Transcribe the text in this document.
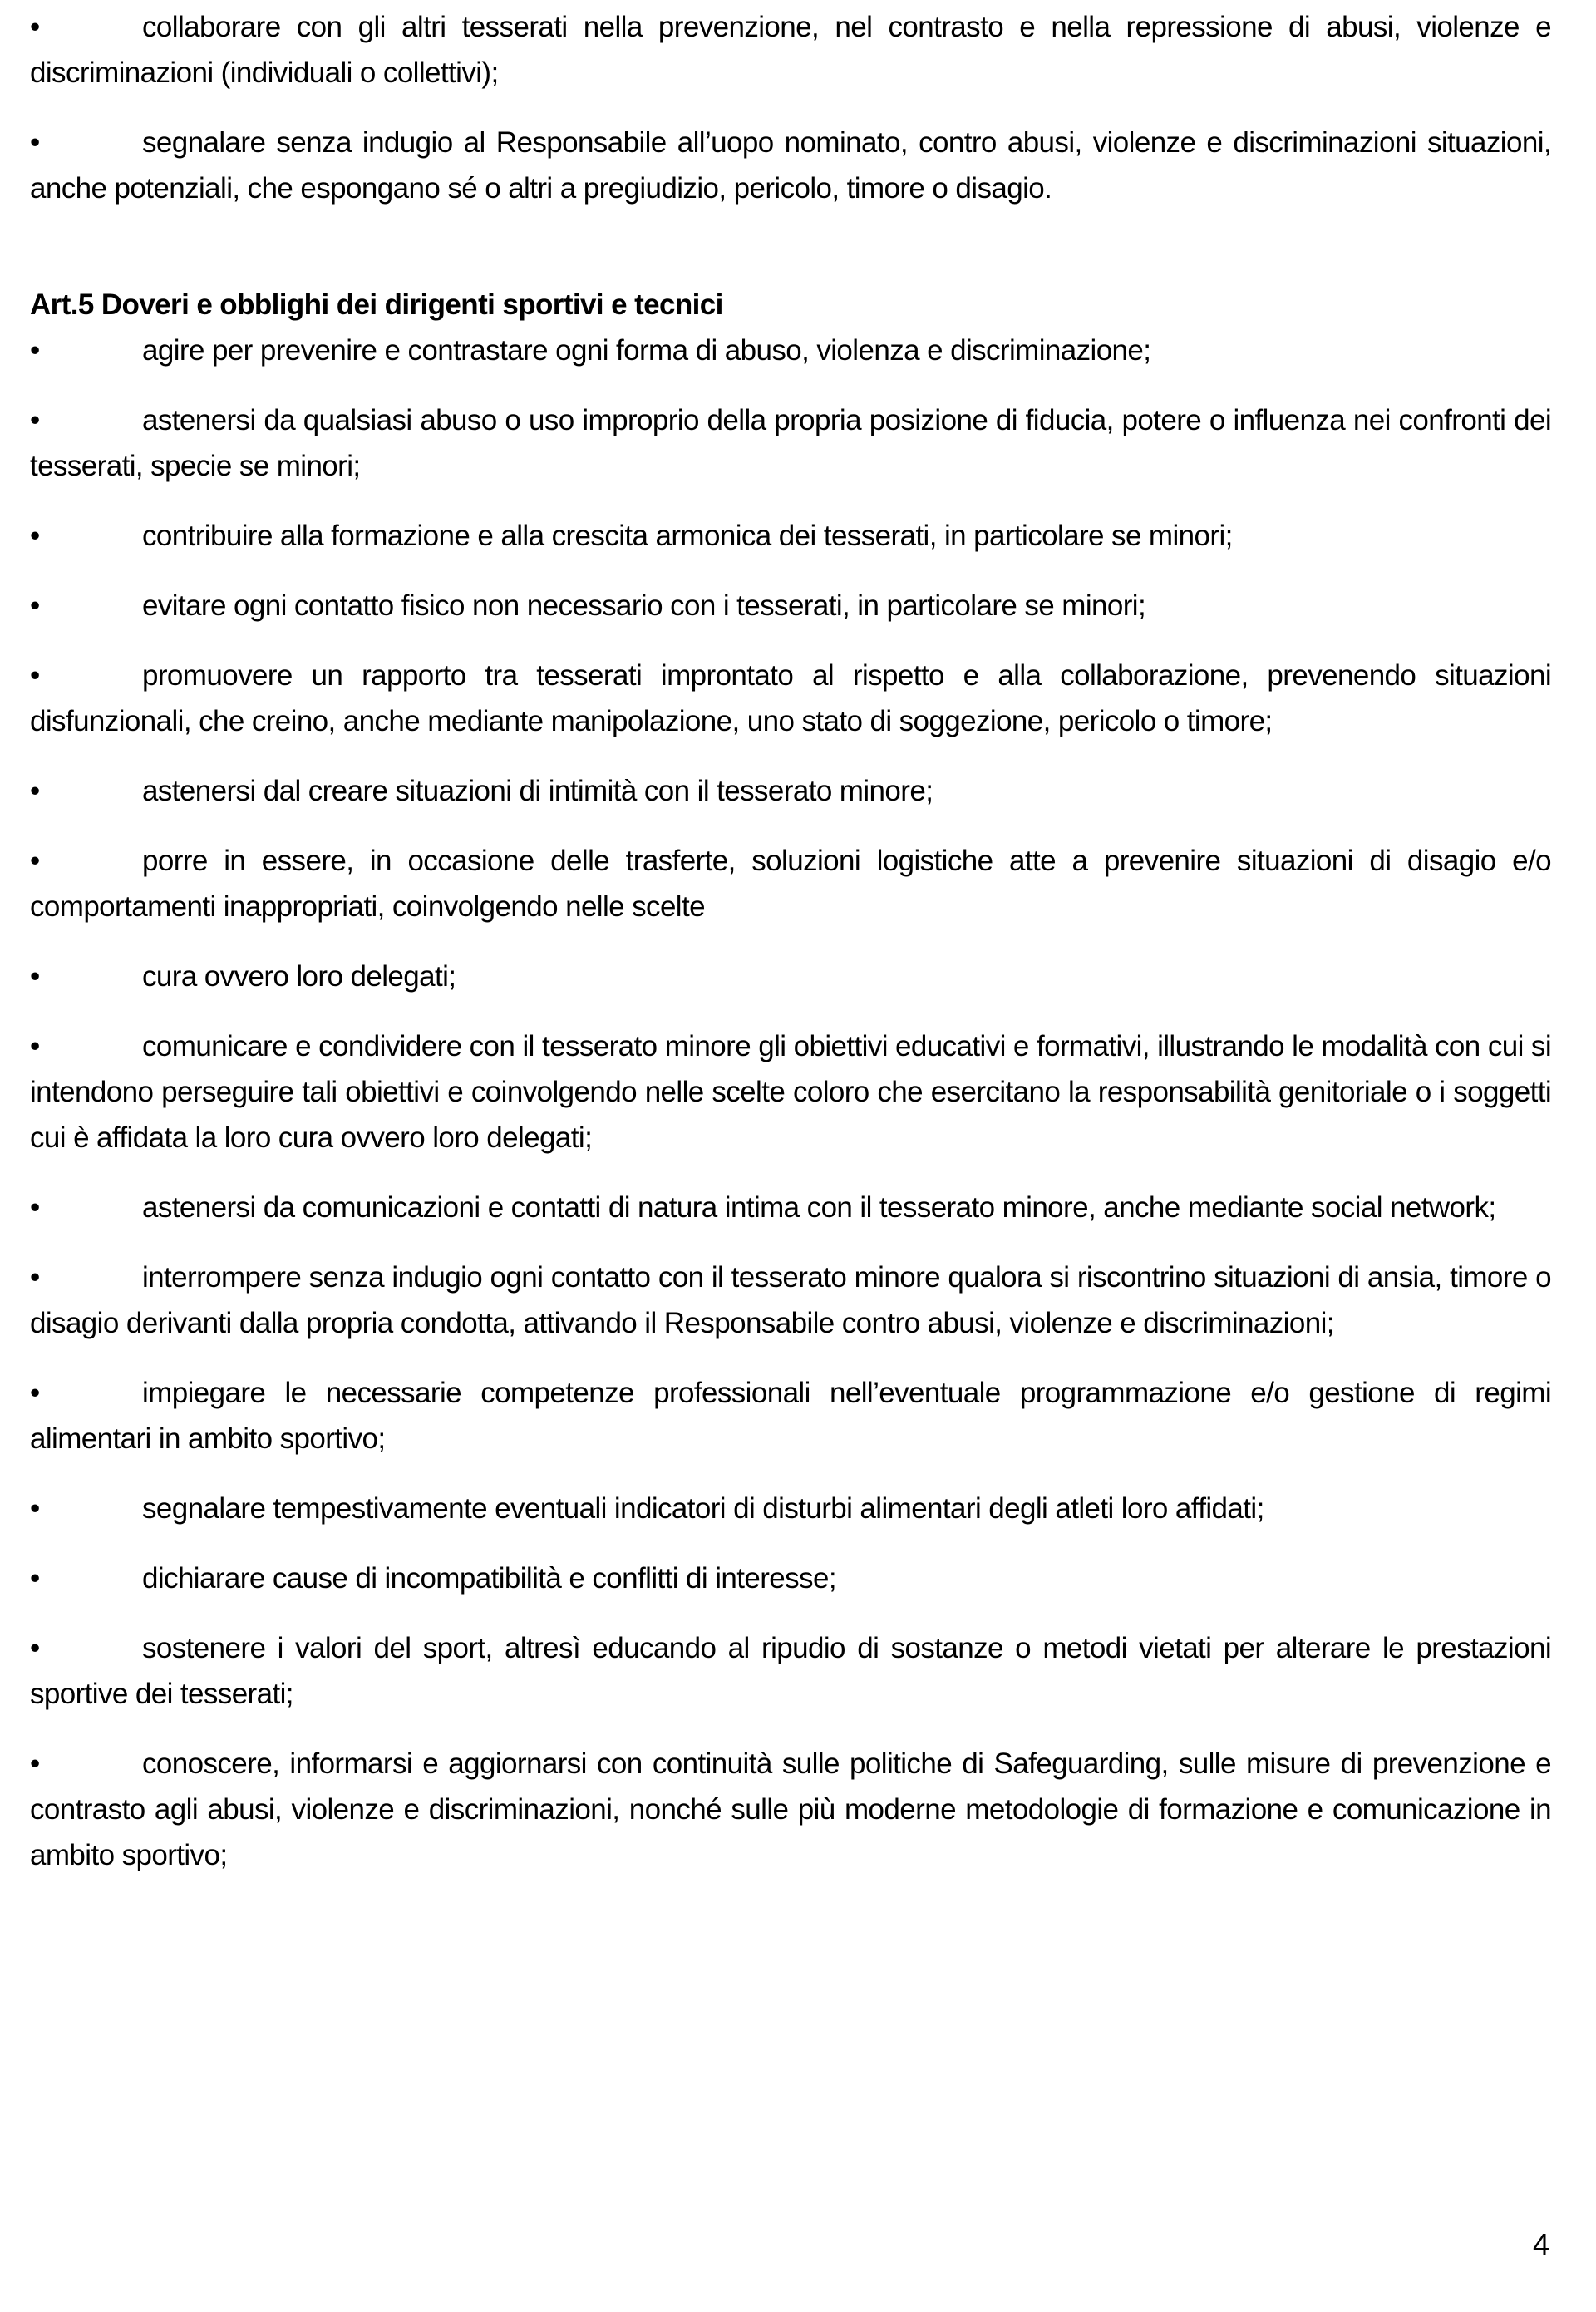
•	collaborare con gli altri tesserati nella prevenzione, nel contrasto e nella repressione di abusi, violenze e discriminazioni (individuali o collettivi);

•	segnalare senza indugio al Responsabile all’uopo nominato, contro abusi, violenze e discriminazioni situazioni, anche potenziali, che espongano sé o altri a pregiudizio, pericolo, timore o disagio.

Art.5 Doveri e obblighi dei dirigenti sportivi e tecnici

•	agire per prevenire e contrastare ogni forma di abuso, violenza e discriminazione;

•	astenersi da qualsiasi abuso o uso improprio della propria posizione di fiducia, potere o influenza nei confronti dei tesserati, specie se minori;

•	contribuire alla formazione e alla crescita armonica dei tesserati, in particolare se minori;

•	evitare ogni contatto fisico non necessario con i tesserati, in particolare se minori;

•	promuovere un rapporto tra tesserati improntato al rispetto e alla collaborazione, prevenendo situazioni disfunzionali, che creino, anche mediante manipolazione, uno stato di soggezione, pericolo o timore;

•	astenersi dal creare situazioni di intimità con il tesserato minore;

•	porre in essere, in occasione delle trasferte, soluzioni logistiche atte a prevenire situazioni di disagio e/o comportamenti inappropriati, coinvolgendo nelle scelte

•	cura ovvero loro delegati;

•	comunicare e condividere con il tesserato minore gli obiettivi educativi e formativi, illustrando le modalità con cui si intendono perseguire tali obiettivi e coinvolgendo nelle scelte coloro che esercitano la responsabilità genitoriale o i soggetti cui è affidata la loro cura ovvero loro delegati;

•	astenersi da comunicazioni e contatti di natura intima con il tesserato minore, anche mediante social network;

•	interrompere senza indugio ogni contatto con il tesserato minore qualora si riscontrino situazioni di ansia, timore o disagio derivanti dalla propria condotta, attivando il Responsabile contro abusi, violenze e discriminazioni;

•	impiegare le necessarie competenze professionali nell’eventuale programmazione e/o gestione di regimi alimentari in ambito sportivo;

•	segnalare tempestivamente eventuali indicatori di disturbi alimentari degli atleti loro affidati;

•	dichiarare cause di incompatibilità e conflitti di interesse;

•	sostenere i valori del sport, altresì educando al ripudio di sostanze o metodi vietati per alterare le prestazioni sportive dei tesserati;

•	conoscere, informarsi e aggiornarsi con continuità sulle politiche di Safeguarding, sulle misure di prevenzione e contrasto agli abusi, violenze e discriminazioni, nonché sulle più moderne metodologie di formazione e comunicazione in ambito sportivo;

4
